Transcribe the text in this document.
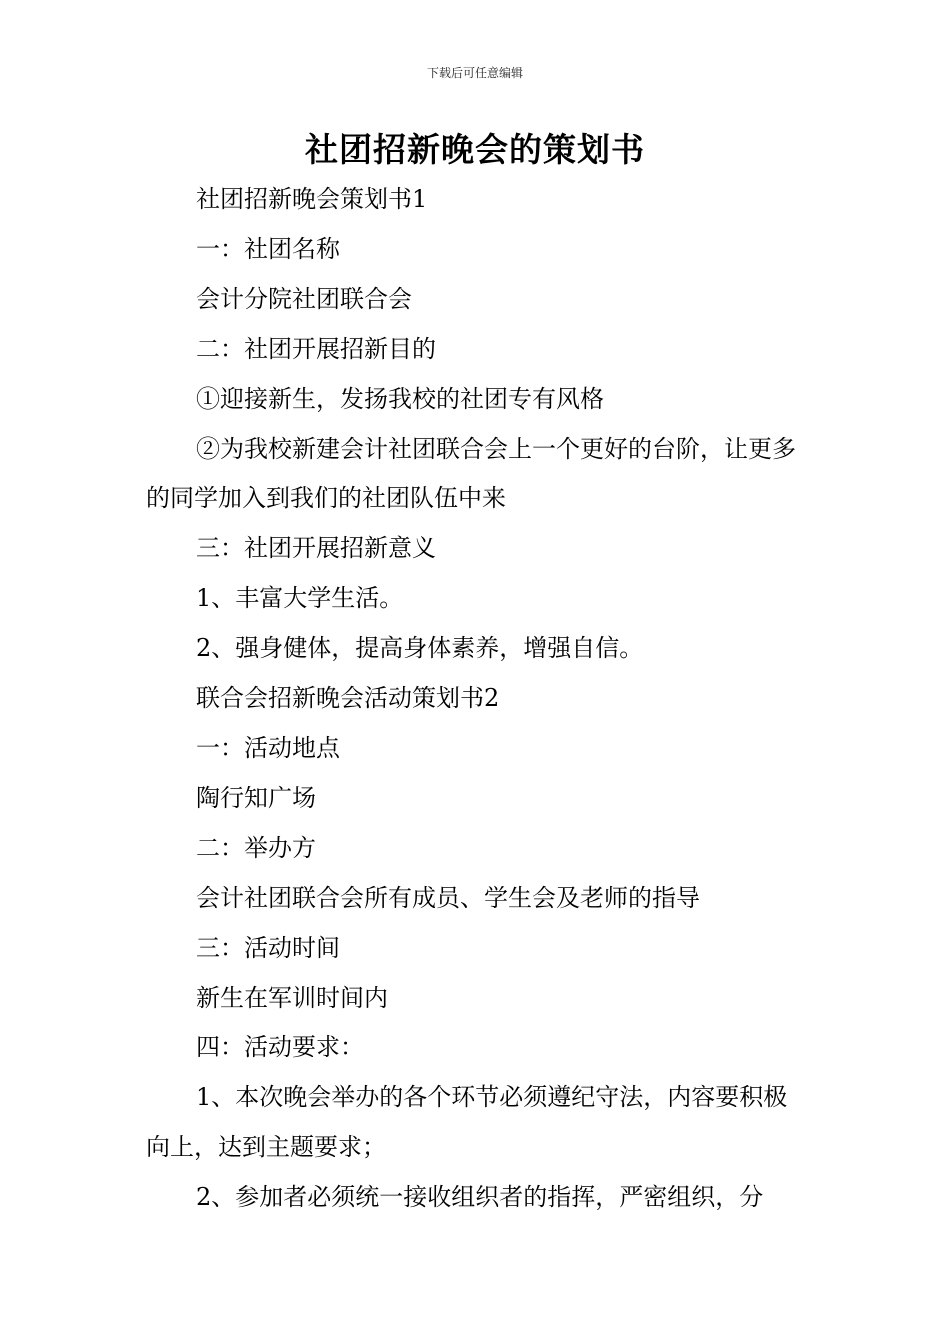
下载后可任意编辑
社团招新晚会的策划书

社团招新晚会策划书1

一：社团名称

会计分院社团联合会

二：社团开展招新目的

①迎接新生，发扬我校的社团专有风格

②为我校新建会计社团联合会上一个更好的台阶，让更多的同学加入到我们的社团队伍中来

三：社团开展招新意义

1、丰富大学生活。

2、强身健体，提高身体素养，增强自信。

联合会招新晚会活动策划书2

一：活动地点

陶行知广场

二：举办方

会计社团联合会所有成员、学生会及老师的指导

三：活动时间

新生在军训时间内

四：活动要求：

1、本次晚会举办的各个环节必须遵纪守法，内容要积极向上，达到主题要求；

2、参加者必须统一接收组织者的指挥，严密组织，分
